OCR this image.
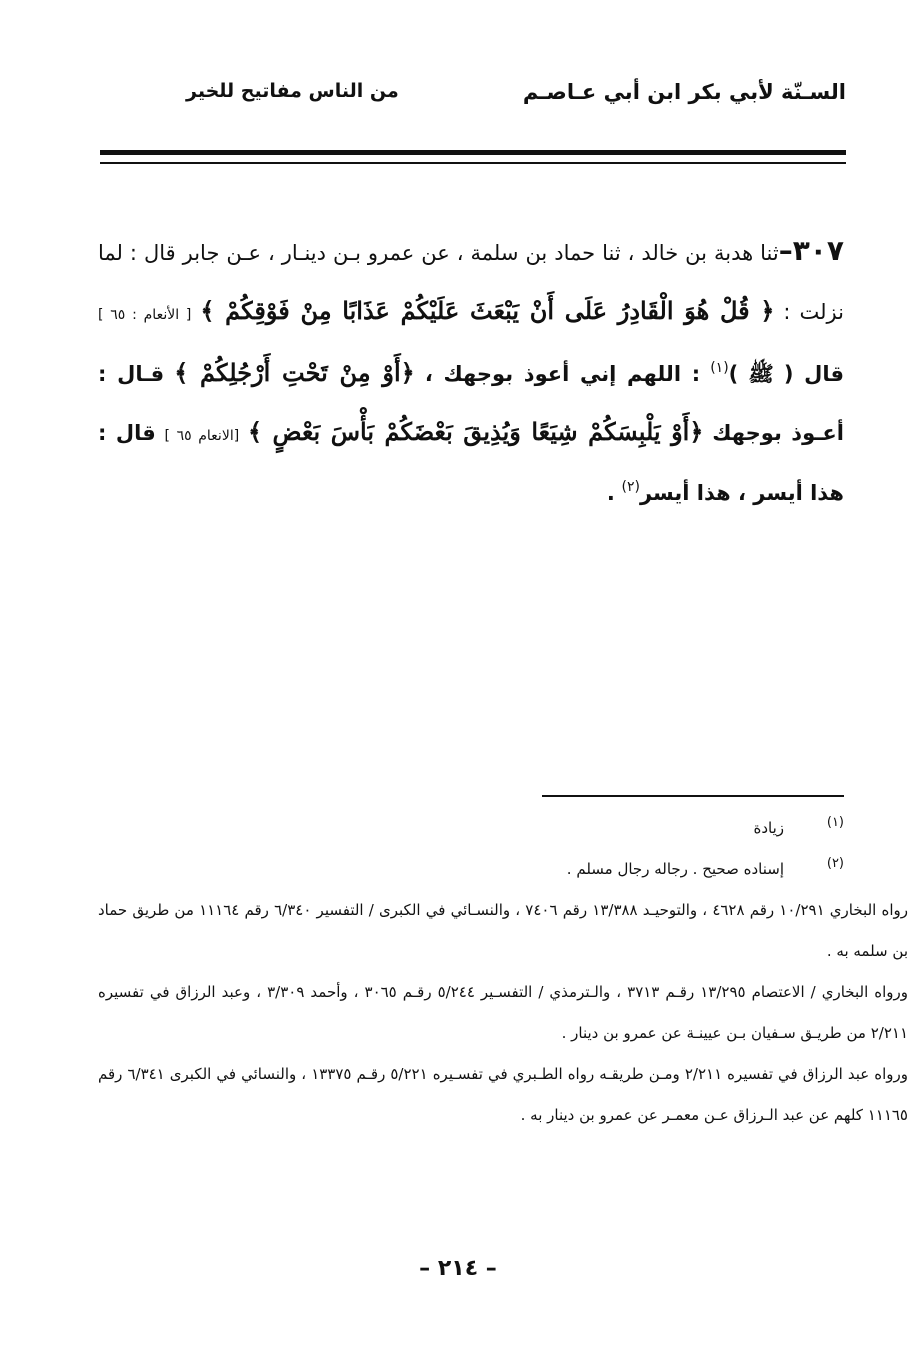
السـنّة لأبي بكر ابن أبي عـاصـم
من الناس مفاتيح للخير
٣٠٧–ثنا هدبة بن خالد ، ثنا حماد بن سلمة ، عن عمرو بـن دينـار ، عـن جابر قال : لما نزلت : ﴿ قُلْ هُوَ الْقَادِرُ عَلَى أَنْ يَبْعَثَ عَلَيْكُمْ عَذَابًا مِنْ فَوْقِكُمْ ﴾ [ الأنعام : ٦٥ ] قال ( ﷺ )$^{(١)}$ : اللهم إني أعوذ بوجهك ، ﴿أَوْ مِنْ تَحْتِ أَرْجُلِكُمْ ﴾ قـال : أعـوذ بوجهك ﴿أَوْ يَلْبِسَكُمْ شِيَعًا وَيُذِيقَ بَعْضَكُمْ بَأْسَ بَعْضٍ ﴾ [الانعام ٦٥ ] قال : هذا أيسر ، هذا أيسر$^{(٢)}$ .
(١)
زيادة
(٢)
إسناده صحيح . رجاله رجال مسلم .
رواه البخاري ١٠/٢٩١ رقم ٤٦٢٨ ، والتوحيـد ١٣/٣٨٨ رقم ٧٤٠٦ ، والنسـائي في الكبرى / التفسير ٦/٣٤٠ رقم ١١١٦٤ من طريق حماد بن سلمه به .
ورواه البخاري / الاعتصام ١٣/٢٩٥ رقـم ٣٧١٣ ، والـترمذي / التفسـير ٥/٢٤٤ رقـم ٣٠٦٥ ، وأحمد ٣/٣٠٩ ، وعبد الرزاق في تفسيره ٢/٢١١ من طريـق سـفيان بـن عيينـة عن عمرو بن دينار .
ورواه عبد الرزاق في تفسيره ٢/٢١١ ومـن طريقـه رواه الطـبري في تفسـيره ٥/٢٢١ رقـم ١٣٣٧٥ ، والنسائي في الكبرى ٦/٣٤١ رقم ١١١٦٥ كلهم عن عبد الـرزاق عـن معمـر عن عمرو بن دينار به .
– ٢١٤ –
